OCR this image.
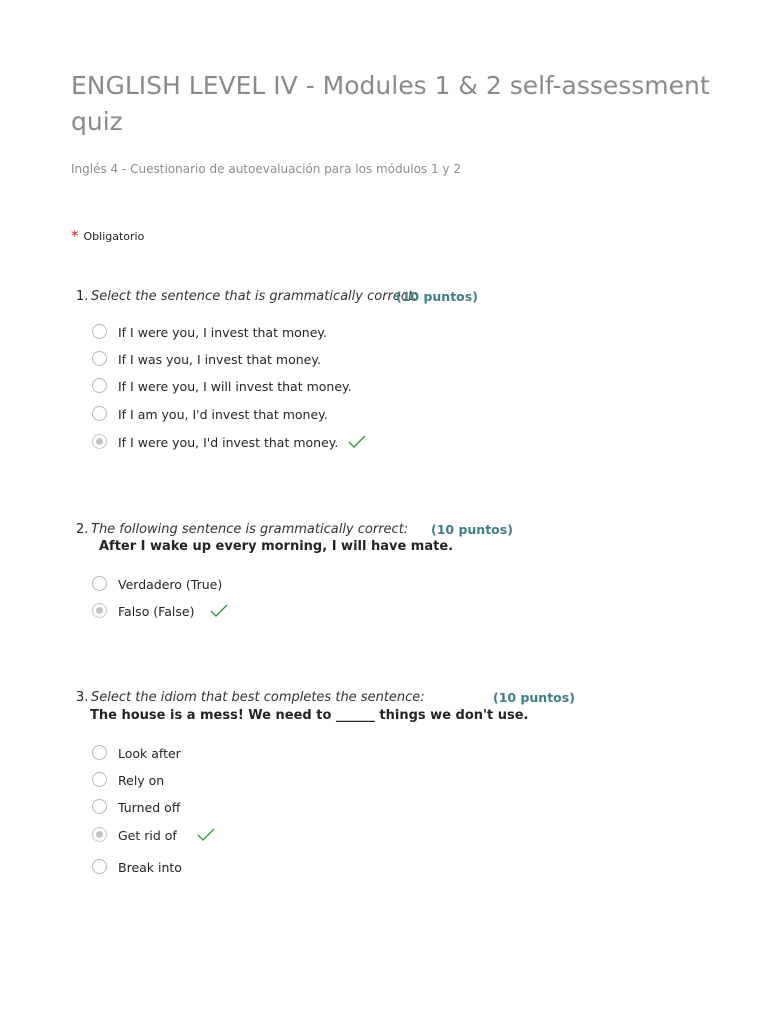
ENGLISH LEVEL IV - Modules 1 & 2 self-assessment quiz

Inglés 4 - Cuestionario de autoevaluación para los módulos 1 y 2

* Obligatorio
1. Select the sentence that is grammatically correct:
(10 puntos)
If I were you, I invest that money.
If I was you, I invest that money.
If I were you, I will invest that money.
If I am you, I'd invest that money.
If I were you, I'd invest that money.
2. The following sentence is grammatically correct: (10 puntos)
After I wake up every morning, I will have mate.
Verdadero (True)
Falso (False)
3. Select the idiom that best completes the sentence:	(10 puntos)
The house is a mess! We need to ______ things we don't use.
Look after
Rely on
Turned off
Get rid of
Break into
